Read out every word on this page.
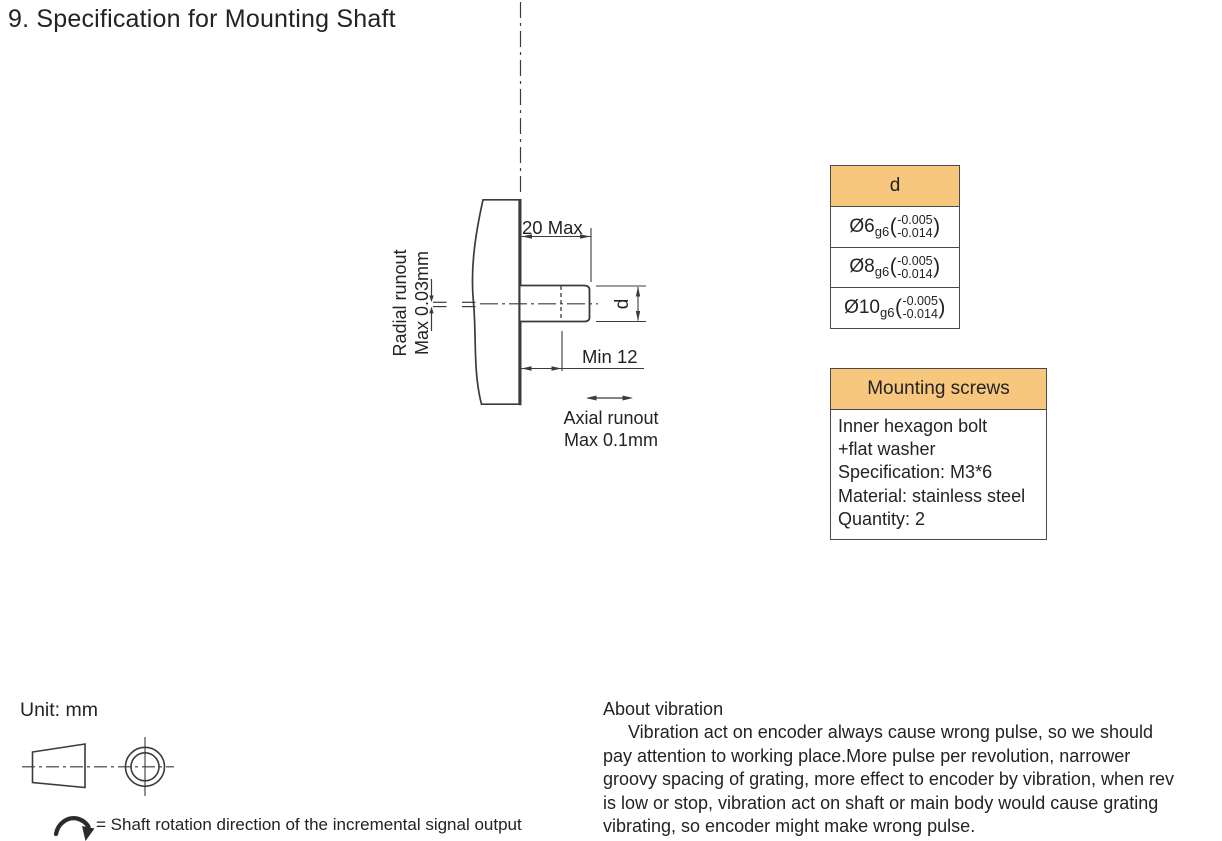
9. Specification for Mounting Shaft
20 Max
Min 12
d
Radial runout Max 0.03mm
Axial runout
Max 0.1mm
d
Ø6 g6 ( -0.005
-0.014 )
Ø8 g6 ( -0.005
-0.014 )
Ø10 g6 ( -0.005
-0.014 )
Mounting screws
Inner hexagon bolt
+flat washer
Specification: M3*6
Material: stainless steel
Quantity: 2
Unit: mm
= Shaft rotation direction of the incremental signal output
About vibration
Vibration act on encoder always cause wrong pulse, so we should
pay attention to working place.More pulse per revolution, narrower
groovy spacing of grating, more effect to encoder by vibration, when rev
is low or stop, vibration act on shaft or main body would cause grating
vibrating, so encoder might make wrong pulse.
